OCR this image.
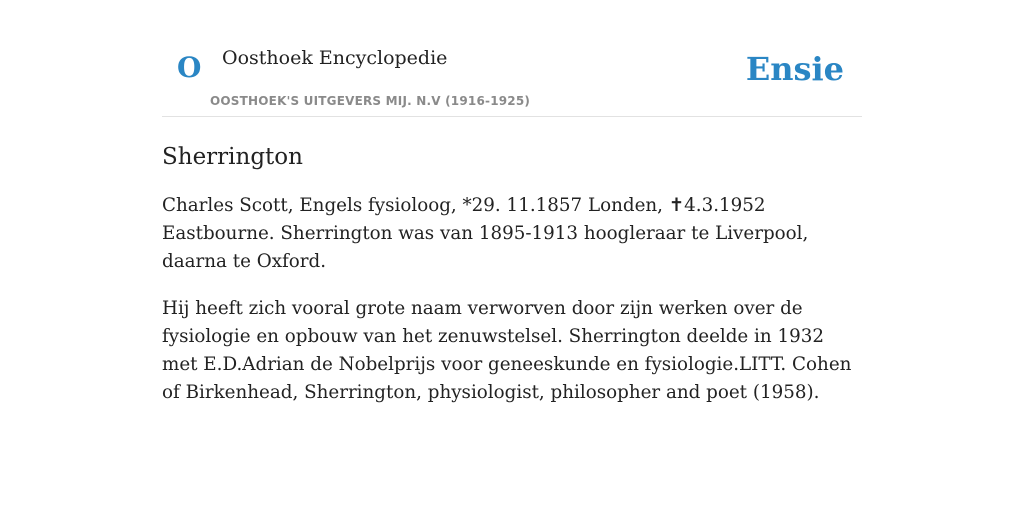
O Oosthoek Encyclopedie
OOSTHOEK'S UITGEVERS MIJ. N.V (1916-1925)
Ensie
Sherrington

Charles Scott, Engels fysioloog, *29. 11.1857 Londen, ✝4.3.1952 Eastbourne. Sherrington was van 1895-1913 hoogleraar te Liverpool, daarna te Oxford.

Hij heeft zich vooral grote naam verworven door zijn werken over de fysiologie en opbouw van het zenuwstelsel. Sherrington deelde in 1932 met E.D.Adrian de Nobelprijs voor geneeskunde en fysiologie.LITT. Cohen of Birkenhead, Sherrington, physiologist, philosopher and poet (1958).
